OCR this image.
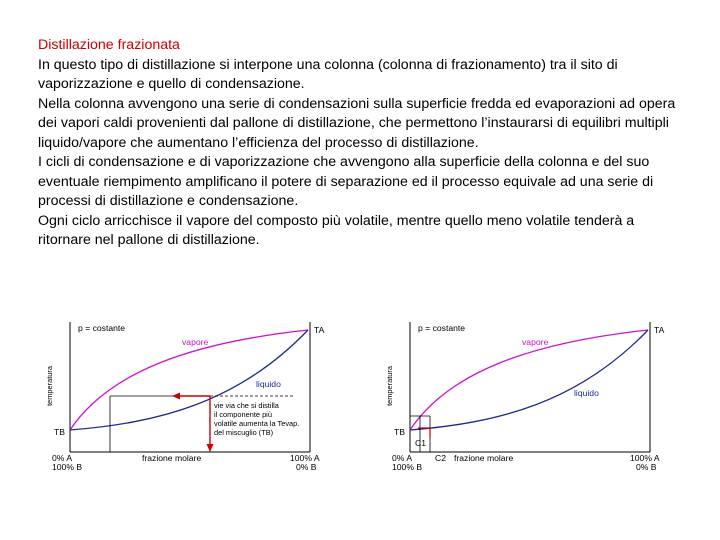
Distillazione frazionata

In questo tipo di distillazione si interpone una colonna (colonna di frazionamento) tra il sito di vaporizzazione e quello di condensazione.

Nella colonna avvengono una serie di condensazioni sulla superficie fredda ed evaporazioni ad opera dei vapori caldi provenienti dal pallone di distillazione, che permettono l’instaurarsi di equilibri multipli liquido/vapore che aumentano l’efficienza del processo di distillazione.

I cicli di condensazione e di vaporizzazione che avvengono alla superficie della colonna e del suo eventuale riempimento amplificano il potere di separazione ed il processo equivale ad una serie di processi di distillazione e condensazione.

Ogni ciclo arricchisce il vapore del composto più volatile, mentre quello meno volatile tenderà a ritornare nel pallone di distillazione.

p = costante
temperatura
vapore
liquido
TB
TA
vie via che si distilla
il componente più
volatile aumenta la Tevap.
del miscuglio (TB)
frazione molare
0% A
100% B
100% A
0% B
p = costante
temperatura
vapore
liquido
TB
TA
C1
C2 frazione molare
0% A
100% B
100% A
0% B
